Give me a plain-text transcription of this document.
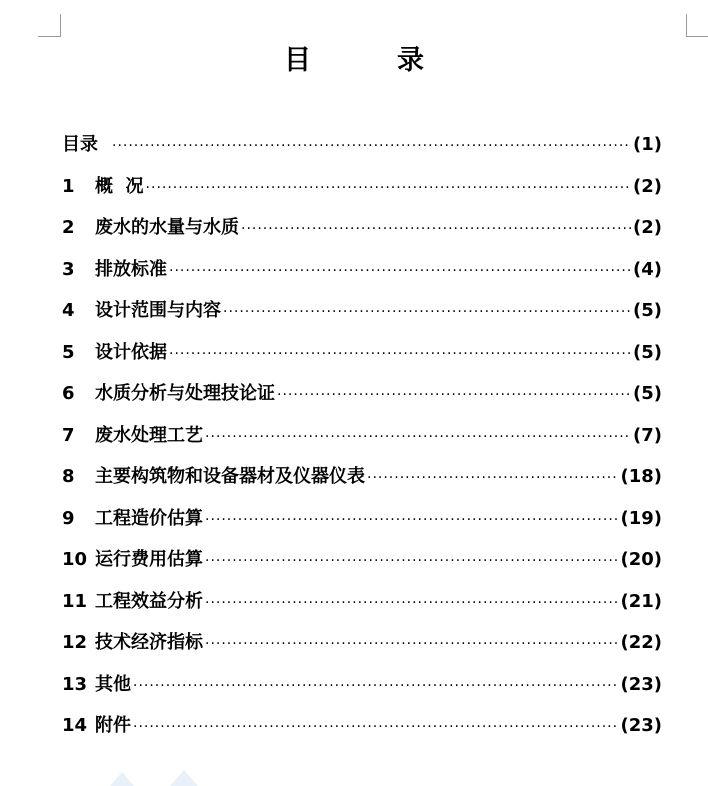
目	录
目录 ·····	(1)
1	概  况 ·····	(2)
2	废水的水量与水质 ·····	(2)
3	排放标准 ·····	(4)
4	设计范围与内容 ·····	(5)
5	设计依据 ·····	(5)
6	水质分析与处理技论证 ·····	(5)
7	废水处理工艺 ·····	(7)
8	主要构筑物和设备器材及仪器仪表 ·····	(18)
9	工程造价估算 ·····	(19)
10 运行费用估算 ·····	(20)
11 工程效益分析 ·····	(21)
12 技术经济指标 ·····	(22)
13 其他 ·····	(23)
14 附件 ·····	(23)
